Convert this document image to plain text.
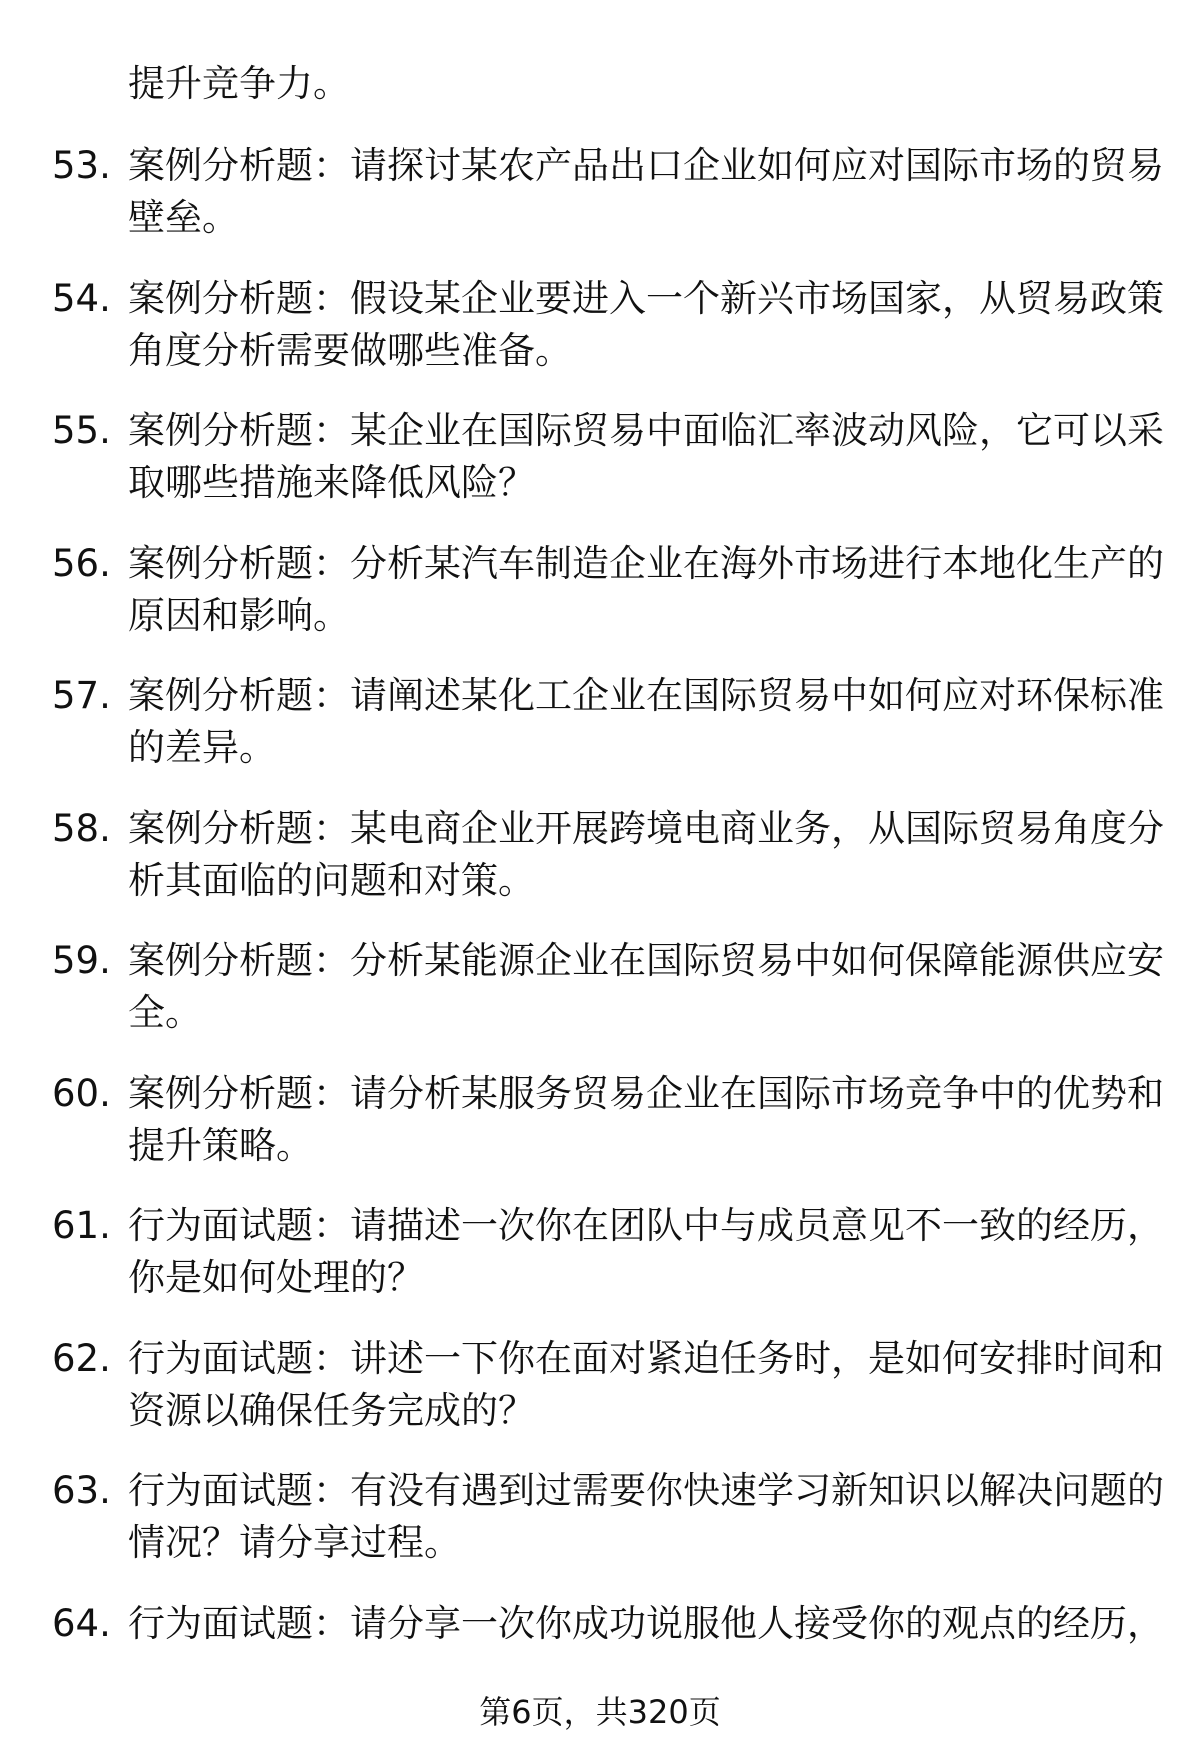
提升竞争力。
53. 案例分析题：请探讨某农产品出口企业如何应对国际市场的贸易
壁垒。
54. 案例分析题：假设某企业要进入一个新兴市场国家，从贸易政策
角度分析需要做哪些准备。
55. 案例分析题：某企业在国际贸易中面临汇率波动风险，它可以采
取哪些措施来降低风险？
56. 案例分析题：分析某汽车制造企业在海外市场进行本地化生产的
原因和影响。
57. 案例分析题：请阐述某化工企业在国际贸易中如何应对环保标准
的差异。
58. 案例分析题：某电商企业开展跨境电商业务，从国际贸易角度分
析其面临的问题和对策。
59. 案例分析题：分析某能源企业在国际贸易中如何保障能源供应安
全。
60. 案例分析题：请分析某服务贸易企业在国际市场竞争中的优势和
提升策略。
61. 行为面试题：请描述一次你在团队中与成员意见不一致的经历，
你是如何处理的？
62. 行为面试题：讲述一下你在面对紧迫任务时，是如何安排时间和
资源以确保任务完成的？
63. 行为面试题：有没有遇到过需要你快速学习新知识以解决问题的
情况？请分享过程。
64. 行为面试题：请分享一次你成功说服他人接受你的观点的经历，
第6页，共320页
